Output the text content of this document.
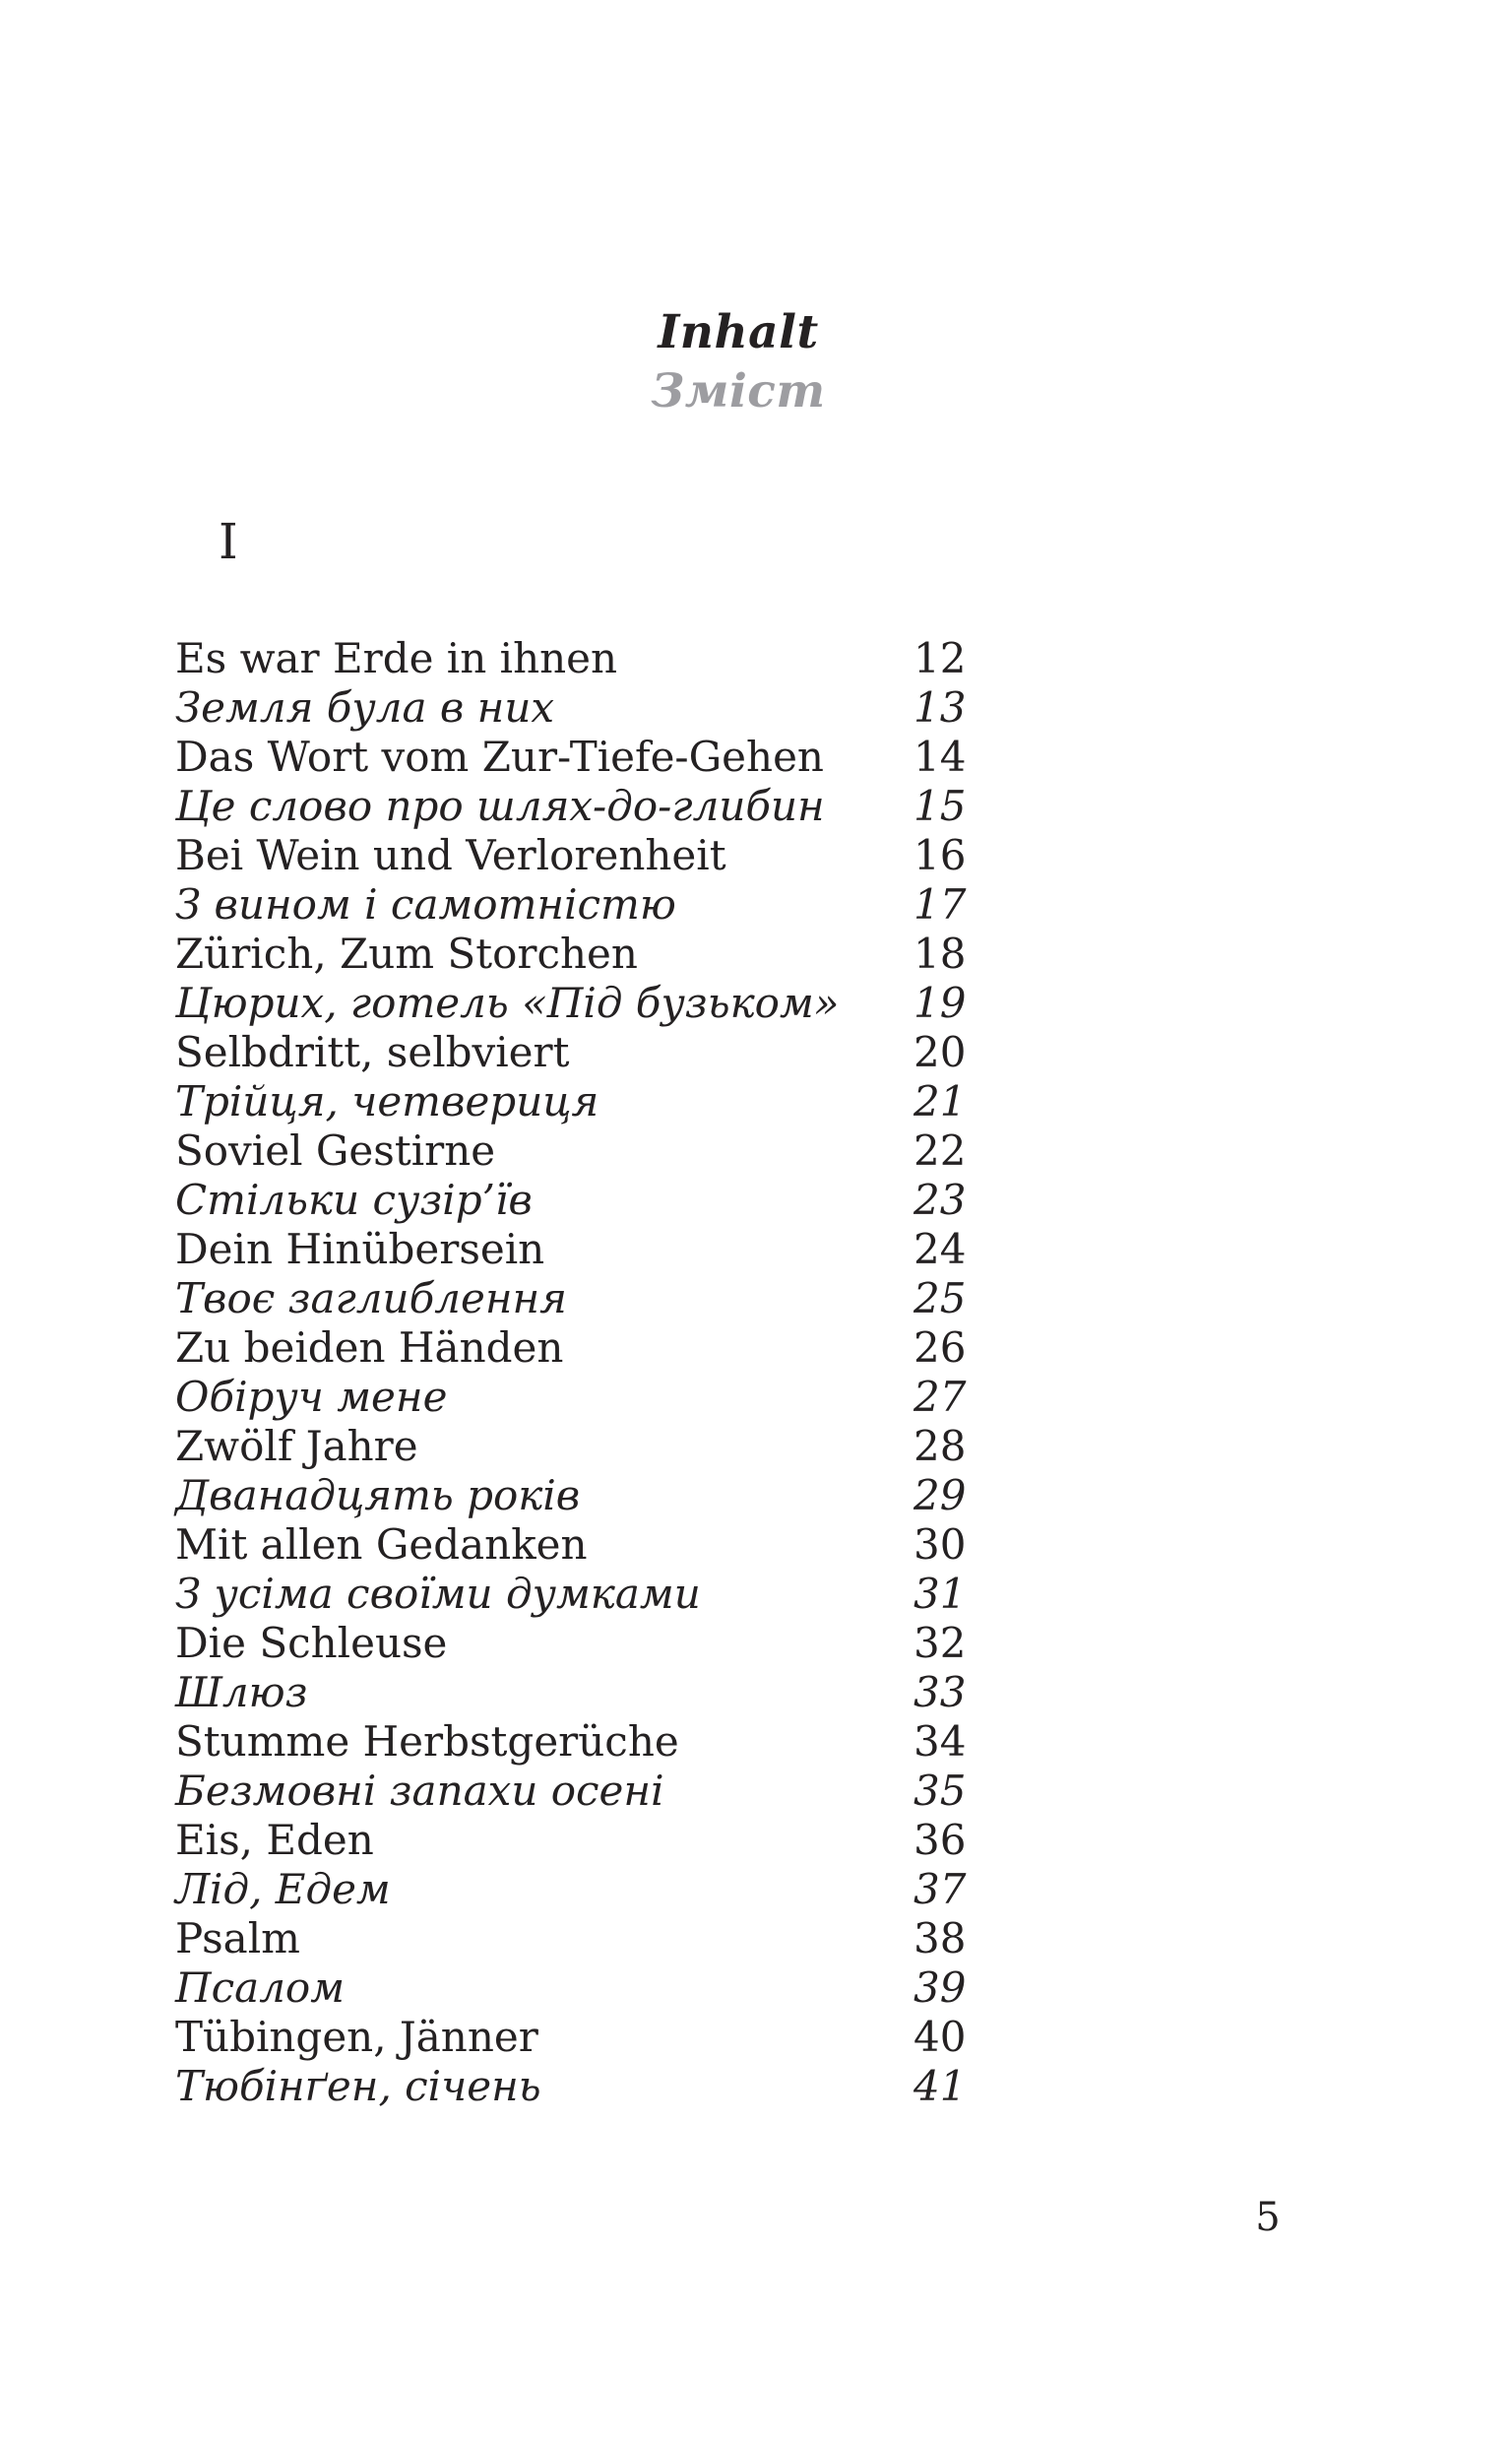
Inhalt
Зміст
I
Es war Erde in ihnen	12
Земля була в них	13
Das Wort vom Zur-Tiefe-Gehen 14
Це слово про шлях-до-глибин 15
Bei Wein und Verlorenheit	16
З вином і самотністю	17
Zürich, Zum Storchen	18
Цюрих, готель «Під бузьком» 19
Selbdritt, selbviert	20
Трійця, четвериця	21
Soviel Gestirne	22
Стільки сузір’їв	23
Dein Hinübersein	24
Твоє заглиблення	25
Zu beiden Händen	26
Обіруч мене	27
Zwölf Jahre	28
Дванадцять років	29
Mit allen Gedanken	30
З усіма своїми думками	31
Die Schleuse	32
Шлюз	33
Stumme Herbstgerüche	34
Безмовні запахи осені	35
Eis, Eden	36
Лід, Едем	37
Psalm	38
Псалом	39
Tübingen, Jänner	40
Тюбінґен, січень	41
5
